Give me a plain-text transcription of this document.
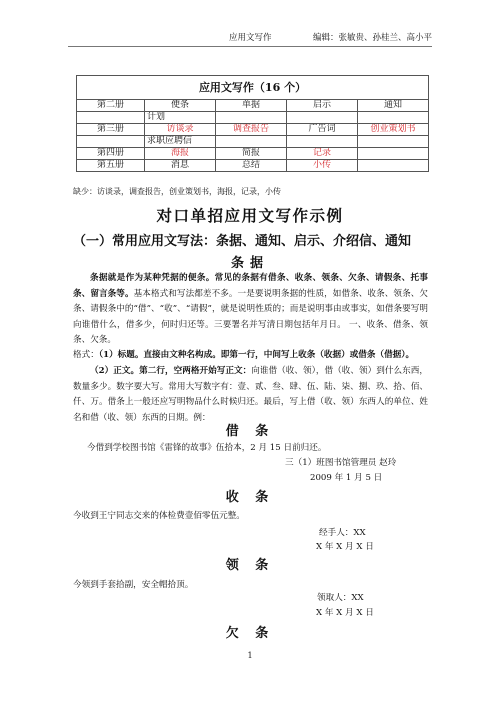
应用文写作	编辑：张敏贵、孙桂兰、高小平
应用文写作（16 个）				
第二册	便条	单据	启示	通知
	计划			
第三册	访谈录	调查报告	广告词	创业策划书
	求职应聘信			
第四册	海报	简报	记录	
第五册	消息	总结	小传	
缺少：访谈录，调查报告，创业策划书，海报，记录，小传
对口单招应用文写作示例
（一）常用应用文写法：条据、通知、启示、介绍信、通知
条据
条据就是作为某种凭据的便条。常见的条据有借条、收条、领条、欠条、请假条、托事条、留言条等。基本格式和写法都差不多。一是要说明条据的性质，如借条、收条、领条、欠条、请假条中的“借”、“收”、“请假”，就是说明性质的；而是说明事由或事实，如借条要写明向谁借什么，借多少，何时归还等。三要署名并写清日期包括年月日。 一、收条、借条、领条、欠条。
格式：（1）标题。直接由文种名构成。即第一行，中间写上收条（收据）或借条（借据）。
（2）正文。第二行，空两格开始写正文：向谁借（收、领），借（收、领）到什么东西，数量多少。数字要大写。常用大写数字有：壹、贰、叁、肆、伍、陆、柒、捌、玖、拾、佰、仟、万。借条上一般还应写明物品什么时候归还。最后，写上借（收、领）东西人的单位、姓名和借（收、领）东西的日期。例：
借 条
今借到学校图书馆《雷锋的故事》伍拾本，2 月 15 日前归还。
三（1）班图书馆管理员 赵玲
2009 年 1 月 5 日
收 条
今收到王宁同志交来的体检费壹佰零伍元整。
经手人：XX
X 年 X 月 X 日
领 条
今领到手套拾副，安全帽拾顶。
领取人：XX
X 年 X 月 X 日
欠 条
1
